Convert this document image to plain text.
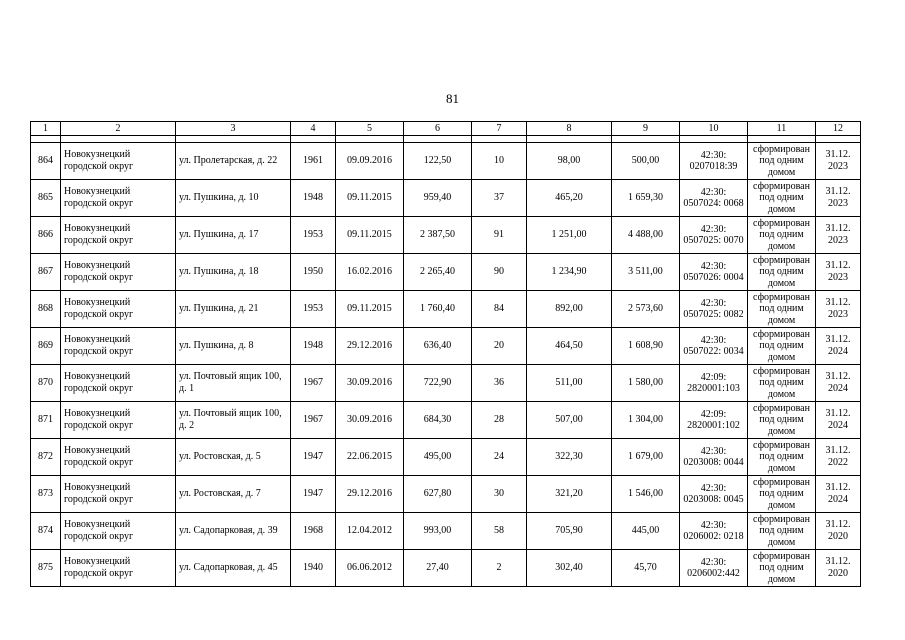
81
1	2	3	4	5	6	7	8	9	10	11	12

864	Новокузнецкий городской округ	ул. Пролетарская, д. 22	1961	09.09.2016	122,50	10	98,00	500,00	42:30: 0207018:39	сформирован под одним домом	31.12. 2023
865	Новокузнецкий городской округ	ул. Пушкина, д. 10	1948	09.11.2015	959,40	37	465,20	1 659,30	42:30: 0507024: 0068	сформирован под одним домом	31.12. 2023
866	Новокузнецкий городской округ	ул. Пушкина, д. 17	1953	09.11.2015	2 387,50	91	1 251,00	4 488,00	42:30: 0507025: 0070	сформирован под одним домом	31.12. 2023
867	Новокузнецкий городской округ	ул. Пушкина, д. 18	1950	16.02.2016	2 265,40	90	1 234,90	3 511,00	42:30: 0507026: 0004	сформирован под одним домом	31.12. 2023
868	Новокузнецкий городской округ	ул. Пушкина, д. 21	1953	09.11.2015	1 760,40	84	892,00	2 573,60	42:30: 0507025: 0082	сформирован под одним домом	31.12. 2023
869	Новокузнецкий городской округ	ул. Пушкина, д. 8	1948	29.12.2016	636,40	20	464,50	1 608,90	42:30: 0507022: 0034	сформирован под одним домом	31.12. 2024
870	Новокузнецкий городской округ	ул. Почтовый ящик 100, д. 1	1967	30.09.2016	722,90	36	511,00	1 580,00	42:09: 2820001:103	сформирован под одним домом	31.12. 2024
871	Новокузнецкий городской округ	ул. Почтовый ящик 100, д. 2	1967	30.09.2016	684,30	28	507,00	1 304,00	42:09: 2820001:102	сформирован под одним домом	31.12. 2024
872	Новокузнецкий городской округ	ул. Ростовская, д. 5	1947	22.06.2015	495,00	24	322,30	1 679,00	42:30: 0203008: 0044	сформирован под одним домом	31.12. 2022
873	Новокузнецкий городской округ	ул. Ростовская, д. 7	1947	29.12.2016	627,80	30	321,20	1 546,00	42:30: 0203008: 0045	сформирован под одним домом	31.12. 2024
874	Новокузнецкий городской округ	ул. Садопарковая, д. 39	1968	12.04.2012	993,00	58	705,90	445,00	42:30: 0206002: 0218	сформирован под одним домом	31.12. 2020
875	Новокузнецкий городской округ	ул. Садопарковая, д. 45	1940	06.06.2012	27,40	2	302,40	45,70	42:30: 0206002:442	сформирован под одним домом	31.12. 2020
